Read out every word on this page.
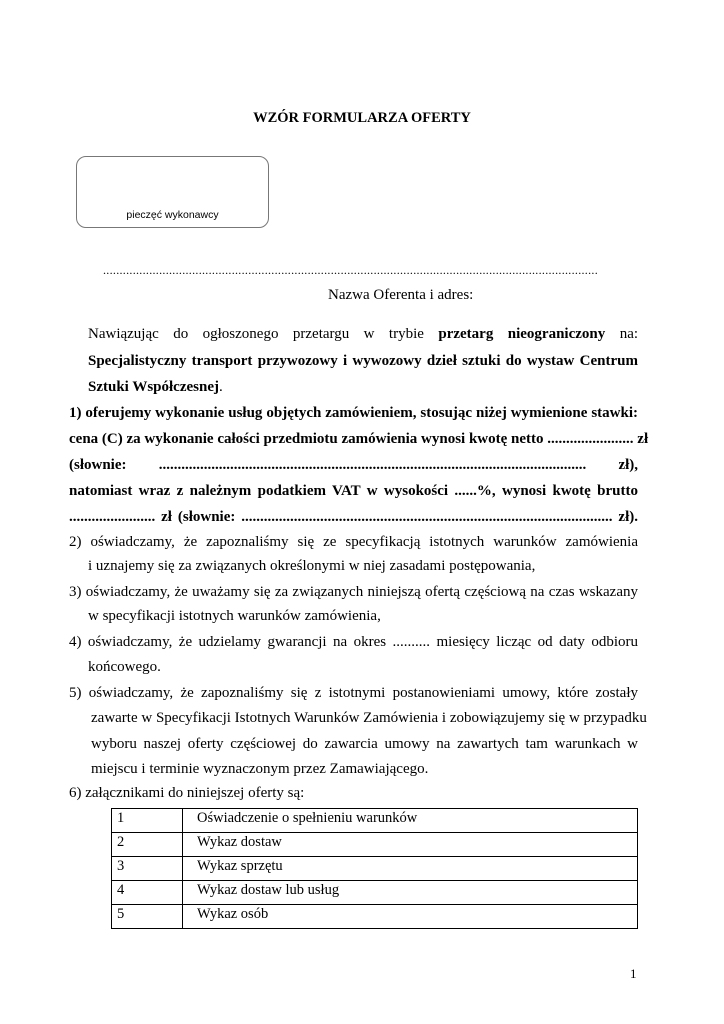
WZÓR FORMULARZA OFERTY
pieczęć wykonawcy
......................................................................................................................................................
Nazwa Oferenta i adres:
Nawiązując do ogłoszonego przetargu w trybie przetarg nieograniczony na:
Specjalistyczny transport przywozowy i wywozowy dzieł sztuki do wystaw Centrum
Sztuki Współczesnej.
1) oferujemy wykonanie usług objętych zamówieniem, stosując niżej wymienione stawki:
cena (C) za wykonanie całości przedmiotu zamówienia wynosi kwotę netto ....................... zł
(słownie: .................................................................................................................. zł),
natomiast wraz z należnym podatkiem VAT w wysokości ......%, wynosi kwotę brutto
....................... zł (słownie: ................................................................................................... zł).
2) oświadczamy, że zapoznaliśmy się ze specyfikacją istotnych warunków zamówienia
i uznajemy się za związanych określonymi w niej zasadami postępowania,
3) oświadczamy, że uważamy się za związanych niniejszą ofertą częściową na czas wskazany
w specyfikacji istotnych warunków zamówienia,
4) oświadczamy, że udzielamy gwarancji na okres .......... miesięcy licząc od daty odbioru
końcowego.
5) oświadczamy, że zapoznaliśmy się z istotnymi postanowieniami umowy, które zostały
zawarte w Specyfikacji Istotnych Warunków Zamówienia i zobowiązujemy się w przypadku
wyboru naszej oferty częściowej do zawarcia umowy na zawartych tam warunkach w
miejscu i terminie wyznaczonym przez Zamawiającego.
6) załącznikami do niniejszej oferty są:
1	Oświadczenie o spełnieniu warunków
2	Wykaz dostaw
3	Wykaz sprzętu
4	Wykaz dostaw lub usług
5	Wykaz osób
1
